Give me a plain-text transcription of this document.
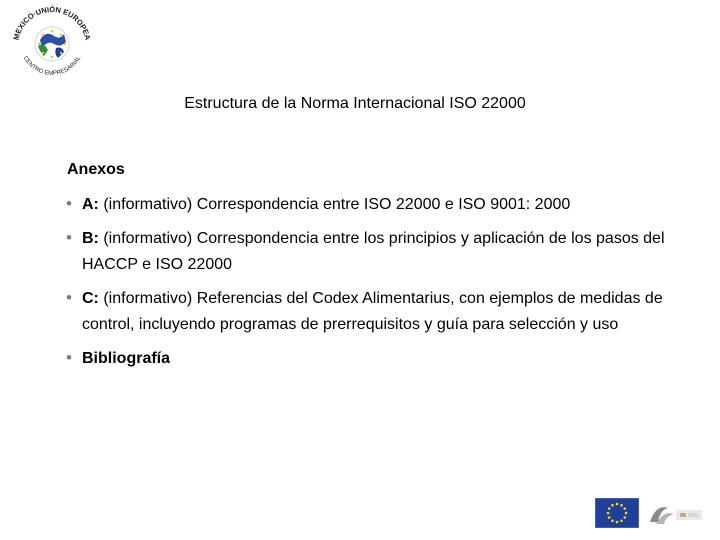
MEXICO·UNIÓN EUROPEA
CENTRO EMPRESARIAL
Estructura de la Norma Internacional ISO 22000
Anexos
• A: (informativo) Correspondencia entre ISO 22000 e ISO 9001: 2000
• B: (informativo) Correspondencia entre los principios y aplicación de los pasos del HACCP e ISO 22000
• C: (informativo) Referencias del Codex Alimentarius, con ejemplos de medidas de control, incluyendo programas de prerrequisitos y guía para selección y uso
• Bibliografía
